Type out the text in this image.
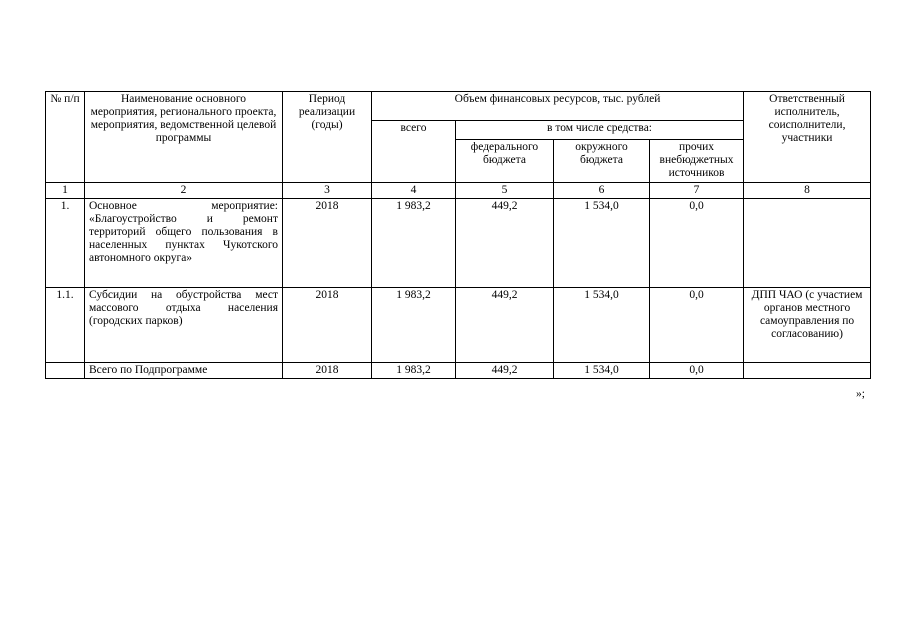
№ п/п	Наименование основного мероприятия, регионального проекта, мероприятия, ведомственной целевой программы	Период реализации (годы)	Объем финансовых ресурсов, тыс. рублей				Ответственный исполнитель, соисполнители, участники
			всего	в том числе средства:			
				федерального бюджета	окружного бюджета	прочих внебюджетных источников	
1	2	3	4	5	6	7	8
1.	Основное мероприятие: «Благоустройство и ремонт территорий общего пользования в населенных пунктах Чукотского автономного округа»	2018	1 983,2	449,2	1 534,0	0,0	
1.1.	Субсидии на обустройства мест массового отдыха населения (городских парков)	2018	1 983,2	449,2	1 534,0	0,0	ДПП ЧАО (с участием органов местного самоуправления по согласованию)
	Всего по Подпрограмме	2018	1 983,2	449,2	1 534,0	0,0	
»;
